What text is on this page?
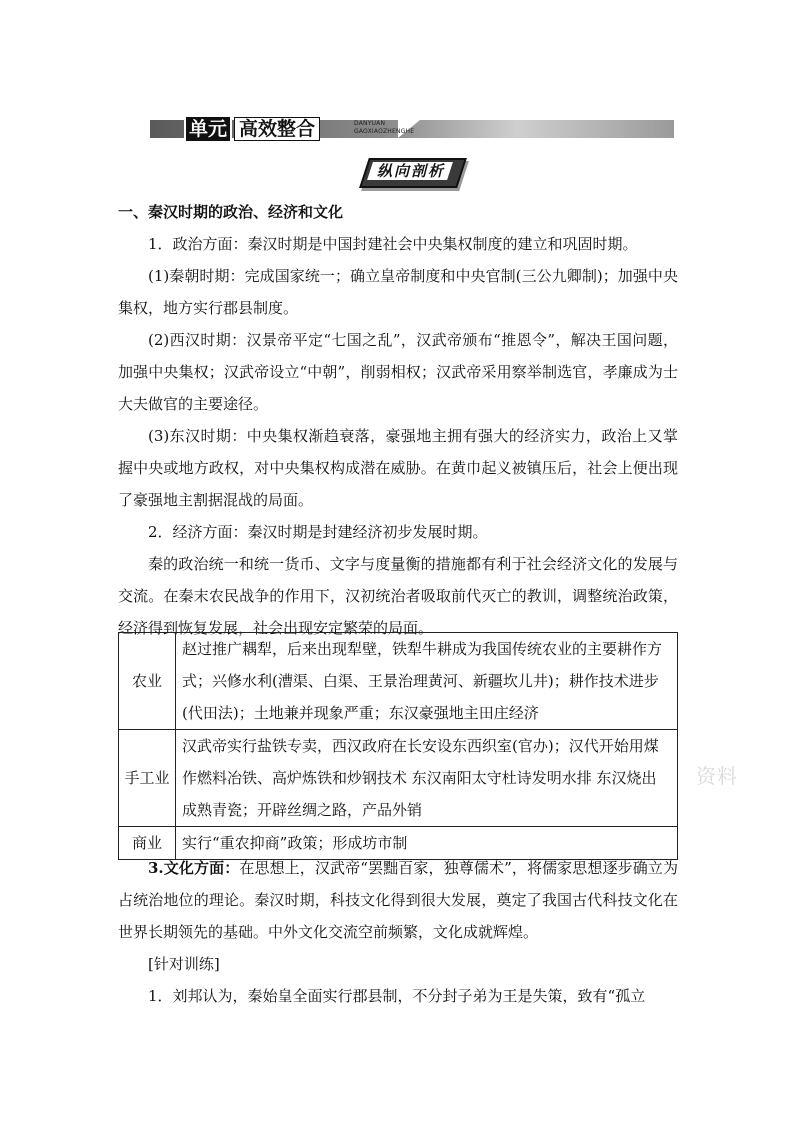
单元 高效整合	DANYUAN
GAOXIAOZHENGHE
纵向剖析

一、秦汉时期的政治、经济和文化

1．政治方面：秦汉时期是中国封建社会中央集权制度的建立和巩固时期。

(1)秦朝时期：完成国家统一；确立皇帝制度和中央官制(三公九卿制)；加强中央集权，地方实行郡县制度。

(2)西汉时期：汉景帝平定“七国之乱”，汉武帝颁布“推恩令”，解决王国问题，加强中央集权；汉武帝设立“中朝”，削弱相权；汉武帝采用察举制选官，孝廉成为士大夫做官的主要途径。

(3)东汉时期：中央集权渐趋衰落，豪强地主拥有强大的经济实力，政治上又掌握中央或地方政权，对中央集权构成潜在威胁。在黄巾起义被镇压后，社会上便出现了豪强地主割据混战的局面。

2．经济方面：秦汉时期是封建经济初步发展时期。

秦的政治统一和统一货币、文字与度量衡的措施都有利于社会经济文化的发展与交流。在秦末农民战争的作用下，汉初统治者吸取前代灭亡的教训，调整统治政策，经济得到恢复发展，社会出现安定繁荣的局面。

农业	赵过推广耦犁，后来出现犁壁，铁犁牛耕成为我国传统农业的主要耕作方式；兴修水利(漕渠、白渠、王景治理黄河、新疆坎儿井)；耕作技术进步(代田法)；土地兼并现象严重；东汉豪强地主田庄经济
手工业	汉武帝实行盐铁专卖，西汉政府在长安设东西织室(官办)；汉代开始用煤作燃料冶铁、高炉炼铁和炒钢技术 东汉南阳太守杜诗发明水排 东汉烧出成熟青瓷；开辟丝绸之路，产品外销
商业	实行“重农抑商”政策；形成坊市制
资料

3.文化方面：在思想上，汉武帝“罢黜百家，独尊儒术”，将儒家思想逐步确立为占统治地位的理论。秦汉时期，科技文化得到很大发展，奠定了我国古代科技文化在世界长期领先的基础。中外文化交流空前频繁，文化成就辉煌。

[针对训练]

1．刘邦认为，秦始皇全面实行郡县制，不分封子弟为王是失策，致有“孤立
